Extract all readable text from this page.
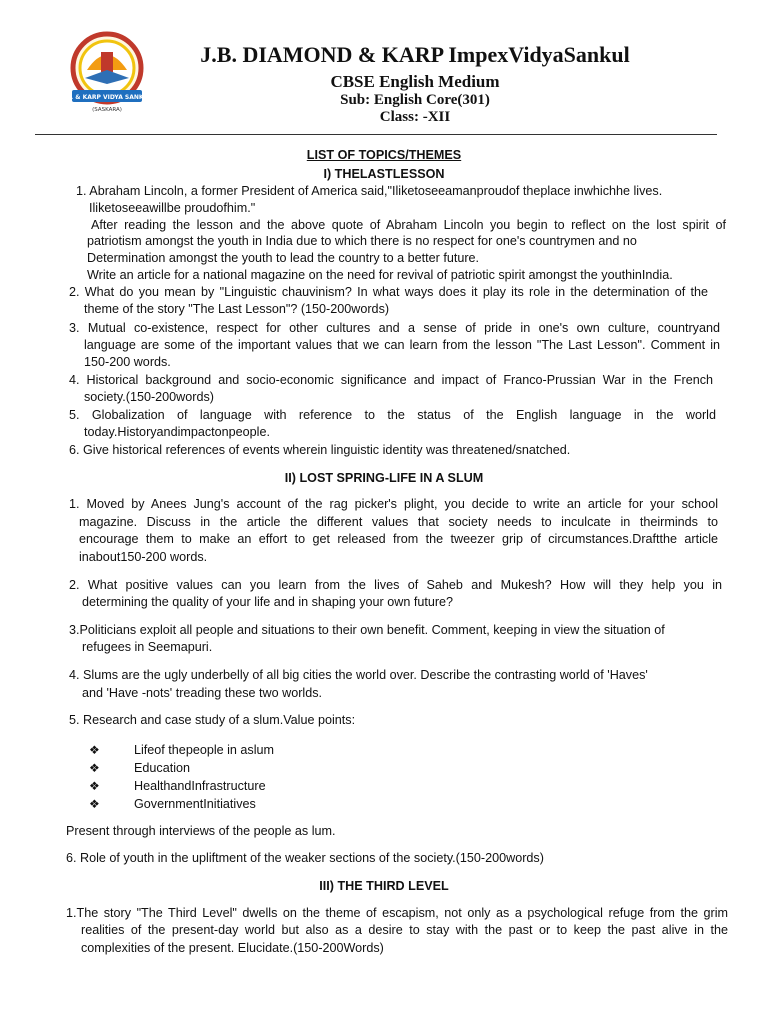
J.B. & KARP VIDYA SANKUL
(SASKARA)
J.B. DIAMOND & KARP ImpexVidyaSankul
CBSE English Medium
Sub: English Core(301)
Class: -XII
LIST OF TOPICS/THEMES
I) THELASTLESSON
1. Abraham Lincoln, a former President of America said,"Iliketoseeamanproudof theplace inwhichhe lives.
Iliketoseeawillbe proudofhim."
After reading the lesson and the above quote of Abraham Lincoln you begin to reflect on the lost spirit of
patriotism amongst the youth in India due to which there is no respect for one's countrymen and no
Determination amongst the youth to lead the country to a better future.
Write an article for a national magazine on the need for revival of patriotic spirit amongst the youthinIndia.
2. What do you mean by "Linguistic chauvinism? In what ways does it play its role in the determination of the
theme of the story "The Last Lesson"? (150-200words)
3. Mutual co-existence, respect for other cultures and a sense of pride in one's own culture, countryand
language are some of the important values that we can learn from the lesson "The Last Lesson". Comment in
150-200 words.
4. Historical background and socio-economic significance and impact of Franco-Prussian War in the French
society.(150-200words)
5. Globalization of language with reference to the status of the English language in the world
today.Historyandimpactonpeople.
6. Give historical references of events wherein linguistic identity was threatened/snatched.
II) LOST SPRING-LIFE IN A SLUM
1. Moved by Anees Jung's account of the rag picker's plight, you decide to write an article for your school
magazine. Discuss in the article the different values that society needs to inculcate in theirminds to
encourage them to make an effort to get released from the tweezer grip of circumstances.Draftthe article
inabout150-200 words.
2. What positive values can you learn from the lives of Saheb and Mukesh? How will they help you in
determining the quality of your life and in shaping your own future?
3.Politicians exploit all people and situations to their own benefit. Comment, keeping in view the situation of
refugees in Seemapuri.
4. Slums are the ugly underbelly of all big cities the world over. Describe the contrasting world of 'Haves'
and 'Have -nots' treading these two worlds.
5. Research and case study of a slum.Value points:
❖	Lifeof thepeople in aslum
❖	Education
❖	HealthandInfrastructure
❖	GovernmentInitiatives
Present through interviews of the people as lum.
6. Role of youth in the upliftment of the weaker sections of the society.(150-200words)
III) THE THIRD LEVEL
1.The story "The Third Level" dwells on the theme of escapism, not only as a psychological refuge from the grim
realities of the present-day world but also as a desire to stay with the past or to keep the past alive in the
complexities of the present. Elucidate.(150-200Words)
